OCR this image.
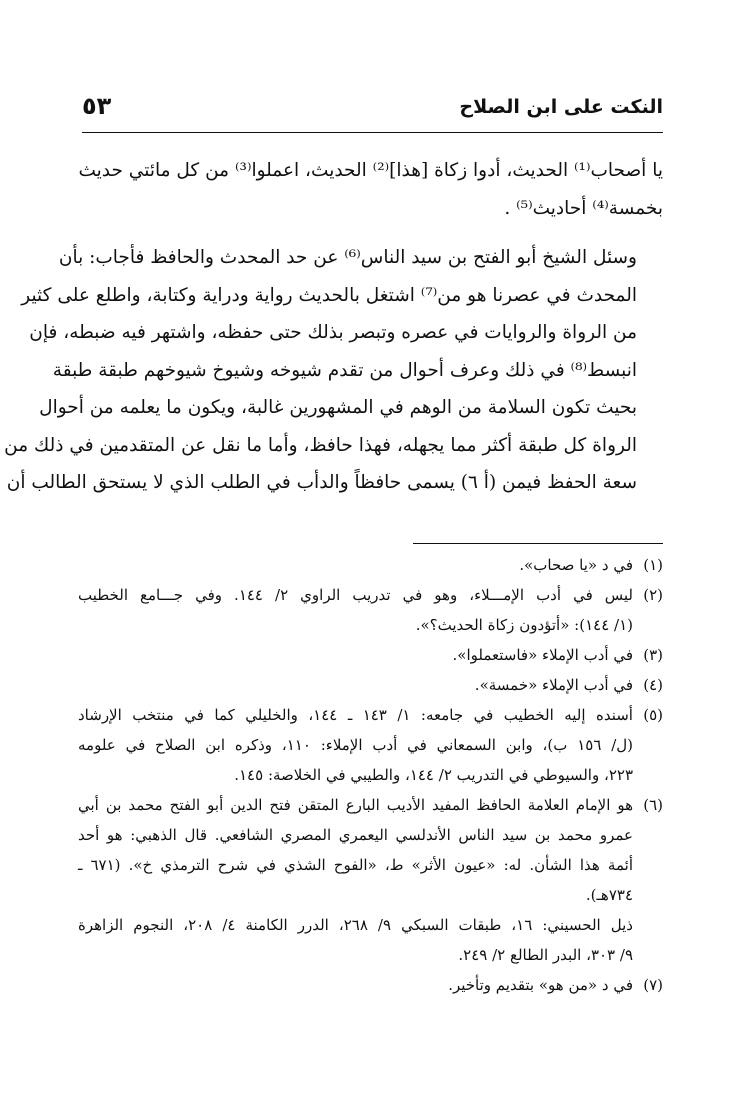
النكت على ابن الصلاح
٥٣

يا أصحاب⁽¹⁾ الحديث، أدوا زكاة [هذا]⁽²⁾ الحديث، اعملوا⁽³⁾ من كل مائتي حديث
بخمسة⁽⁴⁾ أحاديث⁽⁵⁾ .

وسئل الشيخ أبو الفتح بن سيد الناس⁽⁶⁾ عن حد المحدث والحافظ فأجاب: بأن
المحدث في عصرنا هو من⁽⁷⁾ اشتغل بالحديث رواية ودراية وكتابة، واطلع على كثير
من الرواة والروايات في عصره وتبصر بذلك حتى حفظه، واشتهر فيه ضبطه، فإن
انبسط⁽⁸⁾ في ذلك وعرف أحوال من تقدم شيوخه وشيوخ شيوخهم طبقة طبقة
بحيث تكون السلامة من الوهم في المشهورين غالبة، ويكون ما يعلمه من أحوال
الرواة كل طبقة أكثر مما يجهله، فهذا حافظ، وأما ما نقل عن المتقدمين في ذلك من
سعة الحفظ فيمن (أ ٦) يسمى حافظاً والدأب في الطلب الذي لا يستحق الطالب أن

(١)
في د «يا صحاب».
(٢)
ليس في أدب الإمـــلاء، وهو في تدريب الراوي ٢/ ١٤٤. وفي جـــامع الخطيب
(١/ ١٤٤): «أتؤدون زكاة الحديث؟».
(٣)
في أدب الإملاء «فاستعملوا».
(٤)
في أدب الإملاء «خمسة».
(٥)
أسنده إليه الخطيب في جامعه: ١/ ١٤٣ ـ ١٤٤، والخليلي كما في منتخب الإرشاد
(ل/ ١٥٦ ب)، وابن السمعاني في أدب الإملاء: ١١٠، وذكره ابن الصلاح في علومه
٢٢٣، والسيوطي في التدريب ٢/ ١٤٤، والطيبي في الخلاصة: ١٤٥.
(٦)
هو الإمام العلامة الحافظ المفيد الأديب البارع المتقن فتح الدين أبو الفتح محمد بن أبي
عمرو محمد بن سيد الناس الأندلسي اليعمري المصري الشافعي. قال الذهبي: هو أحد
أئمة هذا الشأن. له: «عيون الأثر» ط، «الفوح الشذي في شرح الترمذي خ». (٦٧١ ـ
٧٣٤هـ).
ذيل الحسيني: ١٦، طبقات السبكي ٩/ ٢٦٨، الدرر الكامنة ٤/ ٢٠٨، النجوم الزاهرة
٩/ ٣٠٣، البدر الطالع ٢/ ٢٤٩.
(٧)
في د «من هو» بتقديم وتأخير.
